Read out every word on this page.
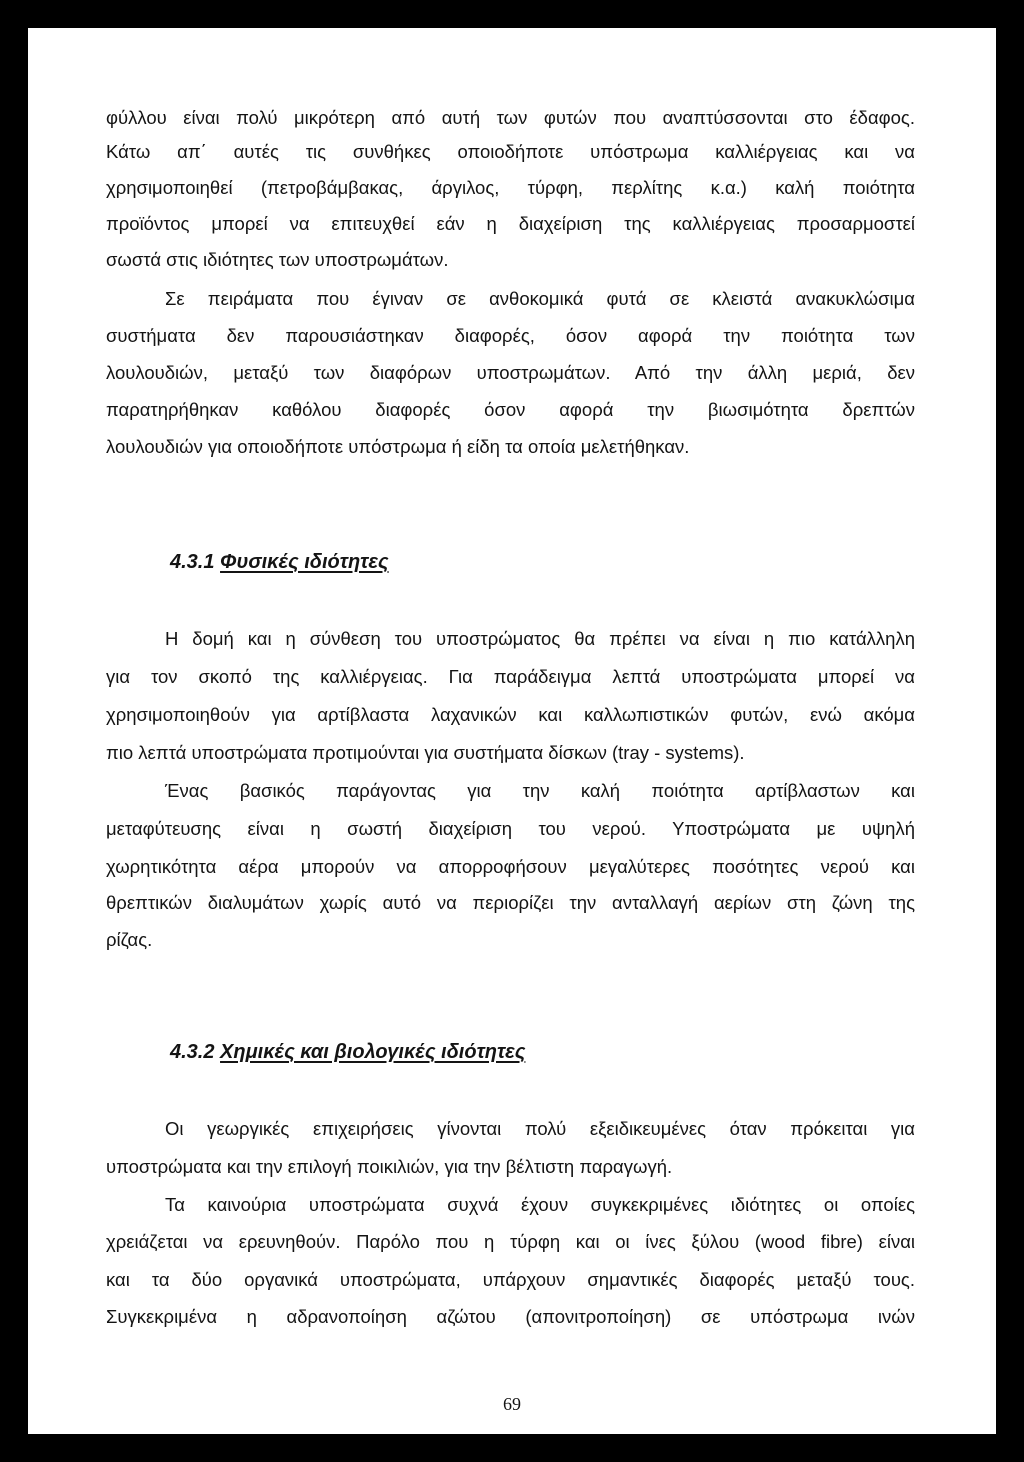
φύλλου είναι πολύ μικρότερη από αυτή των φυτών που αναπτύσσονται στο έδαφος.

Κάτω απ΄ αυτές τις συνθήκες οποιοδήποτε υπόστρωμα καλλιέργειας και να

χρησιμοποιηθεί (πετροβάμβακας, άργιλος, τύρφη, περλίτης κ.α.) καλή ποιότητα

προϊόντος μπορεί να επιτευχθεί εάν η διαχείριση της καλλιέργειας προσαρμοστεί

σωστά στις ιδιότητες των υποστρωμάτων.

Σε πειράματα που έγιναν σε ανθοκομικά φυτά σε κλειστά ανακυκλώσιμα

συστήματα δεν παρουσιάστηκαν διαφορές, όσον αφορά την ποιότητα των

λουλουδιών, μεταξύ των διαφόρων υποστρωμάτων. Από την άλλη μεριά, δεν

παρατηρήθηκαν καθόλου διαφορές όσον αφορά την βιωσιμότητα δρεπτών

λουλουδιών για οποιοδήποτε υπόστρωμα ή είδη τα οποία μελετήθηκαν.

4.3.1 Φυσικές ιδιότητες

Η δομή και η σύνθεση του υποστρώματος θα πρέπει να είναι η πιο κατάλληλη

για τον σκοπό της καλλιέργειας. Για παράδειγμα λεπτά υποστρώματα μπορεί να

χρησιμοποιηθούν για αρτίβλαστα λαχανικών και καλλωπιστικών φυτών, ενώ ακόμα

πιο λεπτά υποστρώματα προτιμούνται για συστήματα δίσκων (tray - systems).

Ένας βασικός παράγοντας για την καλή ποιότητα αρτίβλαστων και

μεταφύτευσης είναι η σωστή διαχείριση του νερού. Υποστρώματα με υψηλή

χωρητικότητα αέρα μπορούν να απορροφήσουν μεγαλύτερες ποσότητες νερού και

θρεπτικών διαλυμάτων χωρίς αυτό να περιορίζει την ανταλλαγή αερίων στη ζώνη της

ρίζας.

4.3.2 Χημικές και βιολογικές ιδιότητες

Οι γεωργικές επιχειρήσεις γίνονται πολύ εξειδικευμένες όταν πρόκειται για

υποστρώματα και την επιλογή ποικιλιών, για την βέλτιστη παραγωγή.

Τα καινούρια υποστρώματα συχνά έχουν συγκεκριμένες ιδιότητες οι οποίες

χρειάζεται να ερευνηθούν. Παρόλο που η τύρφη και οι ίνες ξύλου (wood fibre) είναι

και τα δύο οργανικά υποστρώματα, υπάρχουν σημαντικές διαφορές μεταξύ τους.

Συγκεκριμένα η αδρανοποίηση αζώτου (απονιτροποίηση) σε υπόστρωμα ινών

69
